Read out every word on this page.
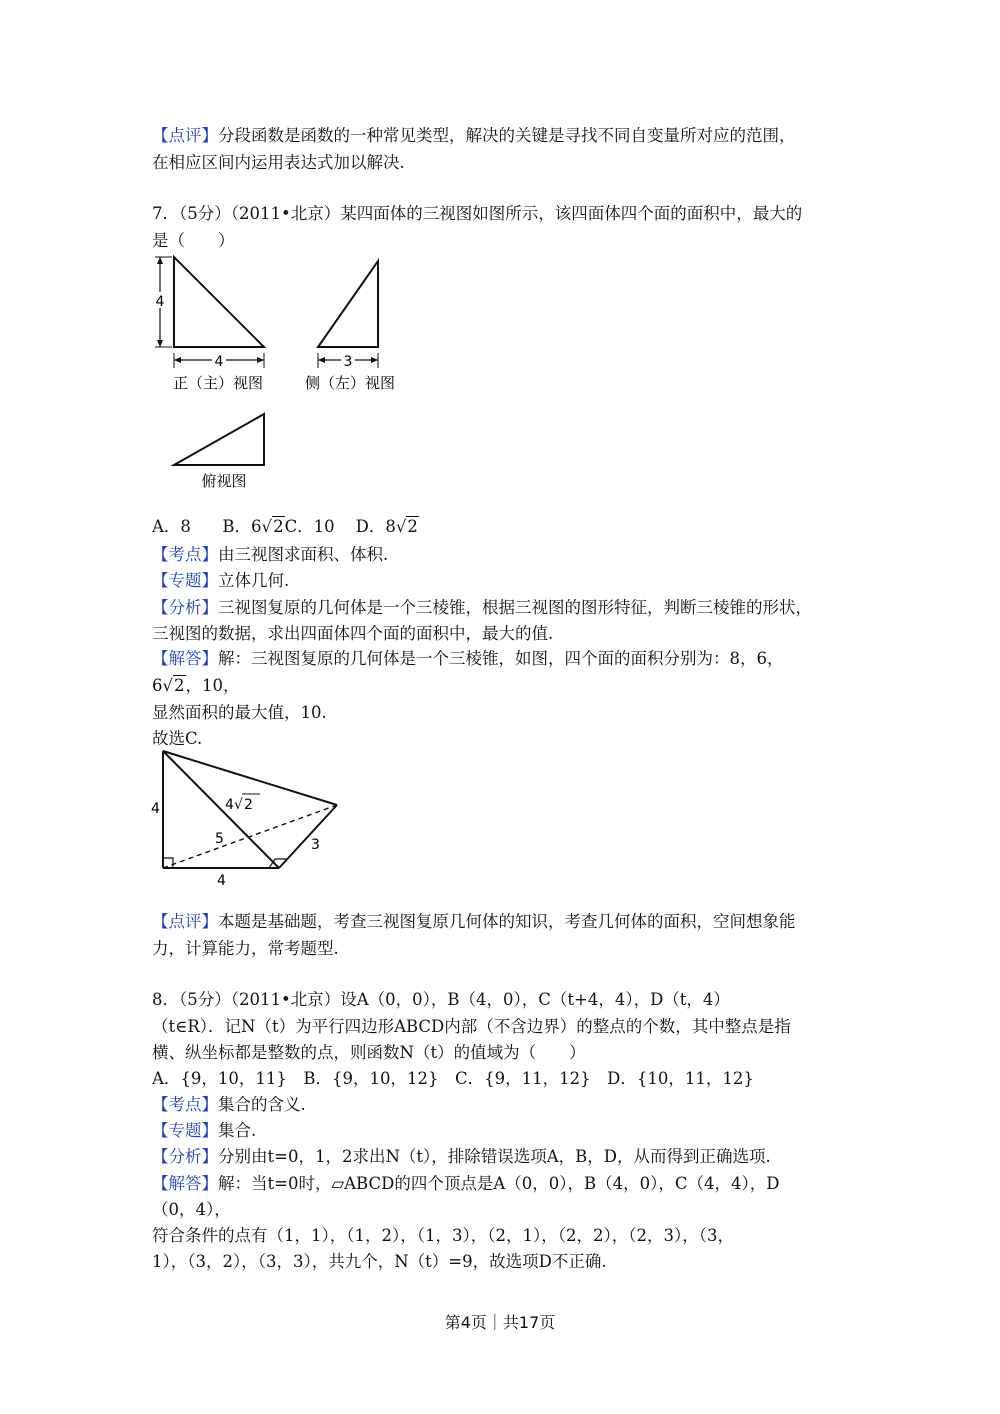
【点评】分段函数是函数的一种常见类型，解决的关键是寻找不同自变量所对应的范围，
在相应区间内运用表达式加以解决.
7．（5分）（2011•北京）某四面体的三视图如图所示，该四面体四个面的面积中，最大的
是（　　）
4
4
正（主）视图
3
侧（左）视图
俯视图
A．8 B．6√2C．10 D．8√2
【考点】由三视图求面积、体积.
【专题】立体几何.
【分析】三视图复原的几何体是一个三棱锥，根据三视图的图形特征，判断三棱锥的形状，
三视图的数据，求出四面体四个面的面积中，最大的值.
【解答】解：三视图复原的几何体是一个三棱锥，如图，四个面的面积分别为：8，6，
6√2，10，
显然面积的最大值，10.
故选C.
4
4
4 √ 2
5	3
【点评】本题是基础题，考查三视图复原几何体的知识，考查几何体的面积，空间想象能
力，计算能力，常考题型.
8．（5分）（2011•北京）设A（0，0），B（4，0），C（t+4，4），D（t，4）
（t∈R）．记N（t）为平行四边形ABCD内部（不含边界）的整点的个数，其中整点是指
横、纵坐标都是整数的点，则函数N（t）的值域为（　　）
A．{9，10，11}　B．{9，10，12}　C．{9，11，12}　D．{10，11，12}
【考点】集合的含义.
【专题】集合.
【分析】分别由t=0，1，2求出N（t），排除错误选项A，B，D，从而得到正确选项.
【解答】解：当t=0时，▱ABCD的四个顶点是A（0，0），B（4，0），C（4，4），D
（0，4），
符合条件的点有（1，1），（1，2），（1，3），（2，1），（2，2），（2，3），（3，
1），（3，2），（3，3），共九个，N（t）=9，故选项D不正确.
第4页｜共17页
